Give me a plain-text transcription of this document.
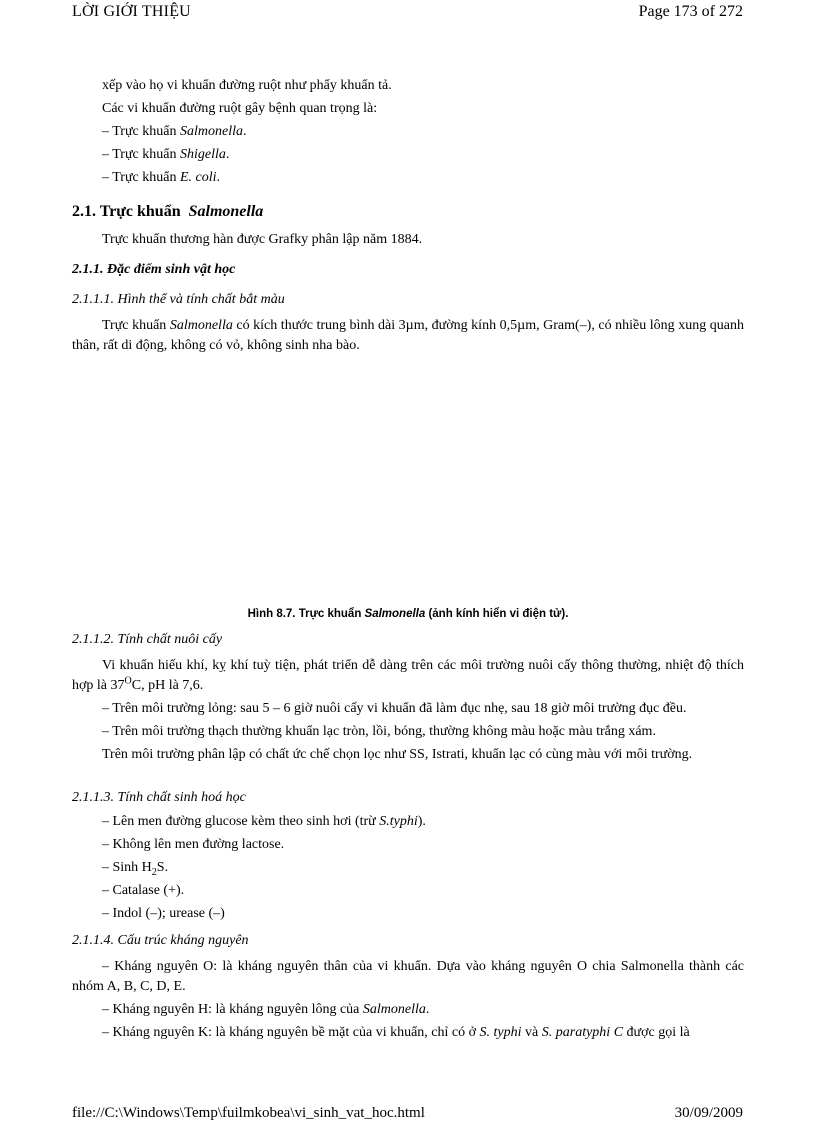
LỜI GIỚI THIỆU	Page 173 of 272

xếp vào họ vi khuẩn đường ruột như phẩy khuẩn tả.

Các vi khuẩn đường ruột gây bệnh quan trọng là:

– Trực khuẩn Salmonella.

– Trực khuẩn Shigella.

– Trực khuẩn E. coli.

2.1. Trực khuẩn Salmonella

Trực khuẩn thương hàn được Grafky phân lập năm 1884.

2.1.1. Đặc điểm sinh vật học

2.1.1.1. Hình thể và tính chất bắt màu

Trực khuẩn Salmonella có kích thước trung bình dài 3µm, đường kính 0,5µm, Gram(–), có nhiều lông xung quanh thân, rất di động, không có vỏ, không sinh nha bào.

Hình 8.7. Trực khuẩn Salmonella (ảnh kính hiển vi điện tử).

2.1.1.2. Tính chất nuôi cấy

Vi khuẩn hiếu khí, kỵ khí tuỳ tiện, phát triển dễ dàng trên các môi trường nuôi cấy thông thường, nhiệt độ thích hợp là $37^OC$, pH là 7,6.

– Trên môi trường lỏng: sau 5 – 6 giờ nuôi cấy vi khuẩn đã làm đục nhẹ, sau 18 giờ môi trường đục đều.

– Trên môi trường thạch thường khuẩn lạc tròn, lồi, bóng, thường không màu hoặc màu trắng xám.

Trên môi trường phân lập có chất ức chế chọn lọc như SS, Istrati, khuẩn lạc có cùng màu với môi trường.

2.1.1.3. Tính chất sinh hoá học

– Lên men đường glucose kèm theo sinh hơi (trừ S.typhi).

– Không lên men đường lactose.

– Sinh $H_2S$.

– Catalase (+).

– Indol (–); urease (–)

2.1.1.4. Cấu trúc kháng nguyên

– Kháng nguyên O: là kháng nguyên thân của vi khuẩn. Dựa vào kháng nguyên O chia Salmonella thành các nhóm A, B, C, D, E.

– Kháng nguyên H: là kháng nguyên lông của Salmonella.

– Kháng nguyên K: là kháng nguyên bề mặt của vi khuẩn, chỉ có ở S. typhi và S. paratyphi C được gọi là

file://C:\Windows\Temp\fuilmkobea\vi_sinh_vat_hoc.html	30/09/2009
